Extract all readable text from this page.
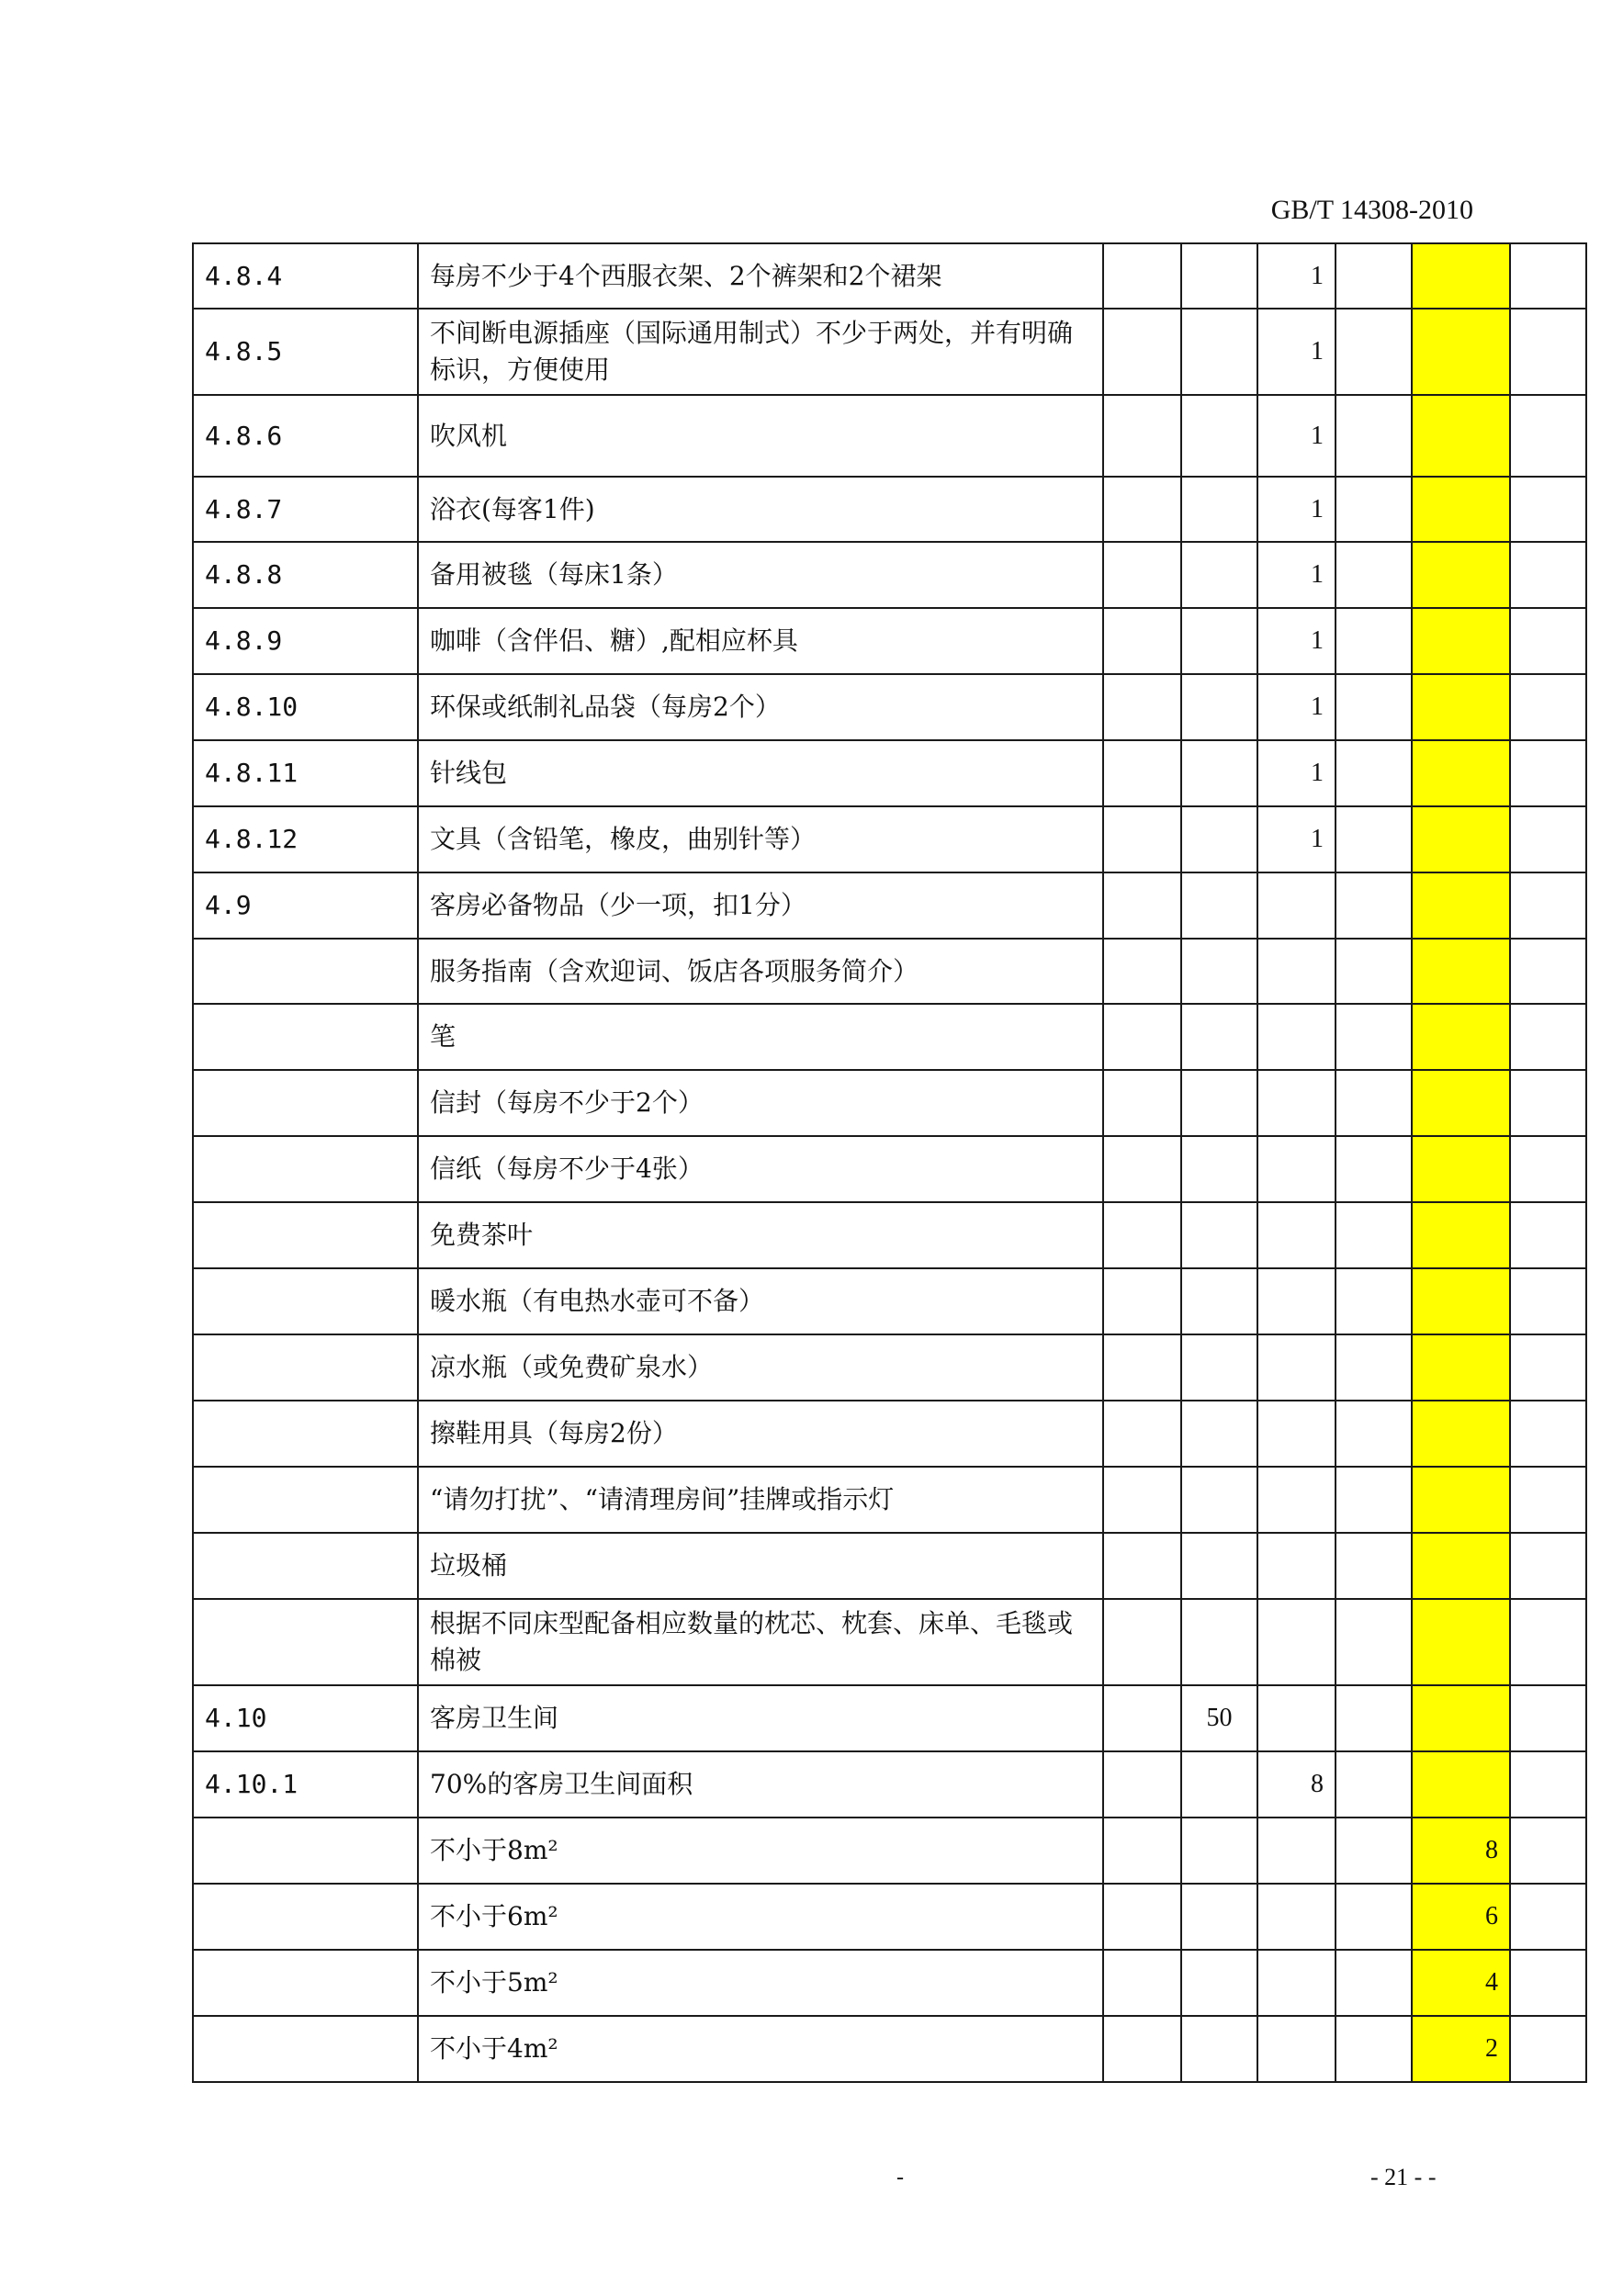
GB/T 14308-2010
4.8.4	每房不少于4个西服衣架、2个裤架和2个裙架			1			
4.8.5	不间断电源插座（国际通用制式）不少于两处，并有明确标识，方便使用			1			
4.8.6	吹风机			1			
4.8.7	浴衣(每客1件)			1			
4.8.8	备用被毯（每床1条）			1			
4.8.9	咖啡（含伴侣、糖）,配相应杯具			1			
4.8.10	环保或纸制礼品袋（每房2个）			1			
4.8.11	针线包			1			
4.8.12	文具（含铅笔，橡皮，曲别针等）			1			
4.9	客房必备物品（少一项，扣1分）						
	服务指南（含欢迎词、饭店各项服务简介）						
	笔						
	信封（每房不少于2个）						
	信纸（每房不少于4张）						
	免费茶叶						
	暖水瓶（有电热水壶可不备）						
	凉水瓶（或免费矿泉水）						
	擦鞋用具（每房2份）						
	“请勿打扰”、“请清理房间”挂牌或指示灯						
	垃圾桶						
	根据不同床型配备相应数量的枕芯、枕套、床单、毛毯或棉被						
4.10	客房卫生间		50				
4.10.1	70%的客房卫生间面积			8			
	不小于8m²					8	
	不小于6m²					6	
	不小于5m²					4	
	不小于4m²					2	
-	- 21 - -
